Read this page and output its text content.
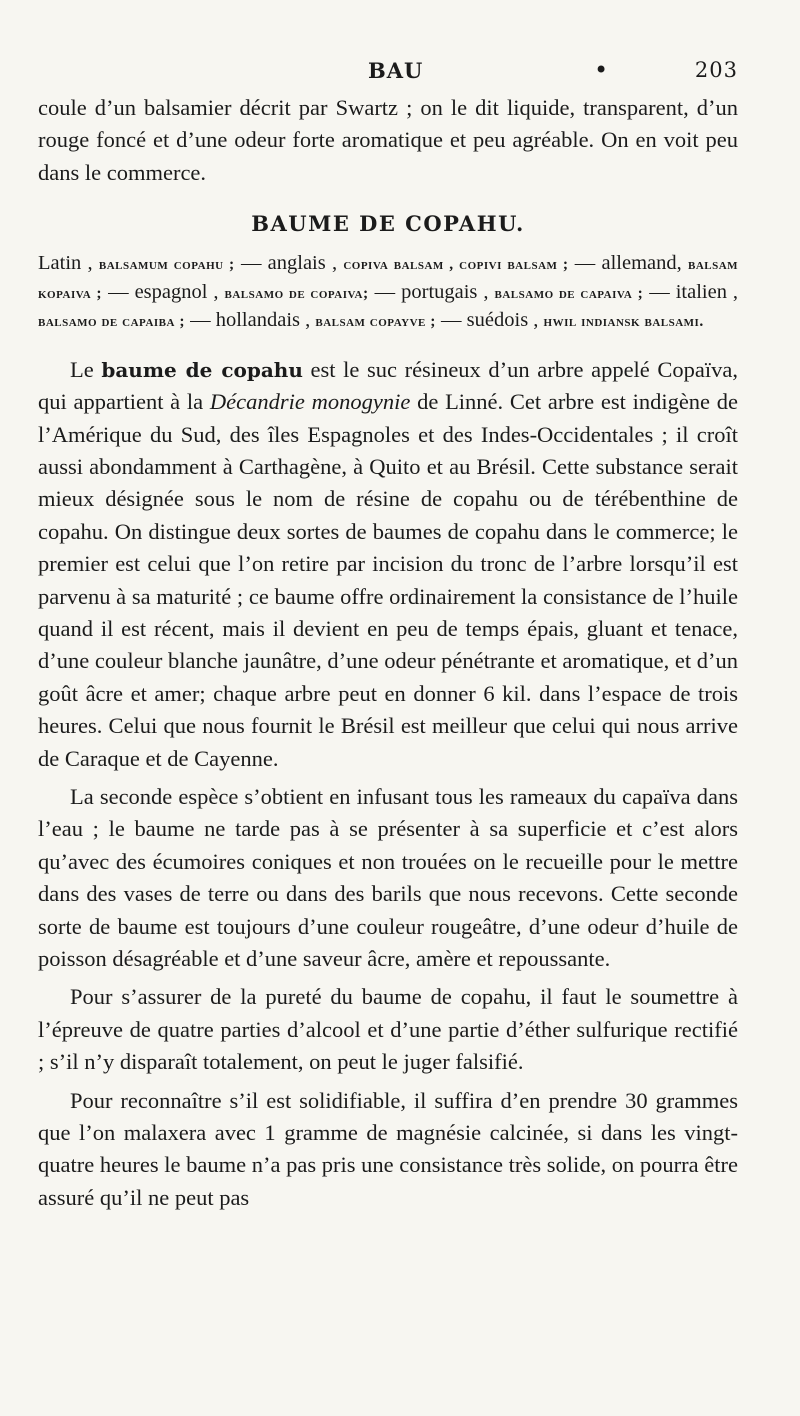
BAU	•	203

coule d’un balsamier décrit par Swartz ; on le dit liquide, transparent, d’un rouge foncé et d’une odeur forte aromatique et peu agréable. On en voit peu dans le commerce.

BAUME DE COPAHU.

Latin , balsamum copahu ; — anglais , copiva balsam , copivi balsam ; — allemand, balsam kopaiva ; — espagnol , balsamo de copaiva; — portugais , balsamo de capaiva ; — italien , balsamo de capaiba ; — hollandais , balsam copayve ; — suédois , hwil indiansk balsami.

Le baume de copahu est le suc résineux d’un arbre appelé Copaïva, qui appartient à la Décandrie monogynie de Linné. Cet arbre est indigène de l’Amérique du Sud, des îles Espagnoles et des Indes-Occidentales ; il croît aussi abondamment à Carthagène, à Quito et au Brésil. Cette substance serait mieux désignée sous le nom de résine de copahu ou de térébenthine de copahu. On distingue deux sortes de baumes de copahu dans le commerce; le premier est celui que l’on retire par incision du tronc de l’arbre lorsqu’il est parvenu à sa maturité ; ce baume offre ordinairement la consistance de l’huile quand il est récent, mais il devient en peu de temps épais, gluant et tenace, d’une couleur blanche jaunâtre, d’une odeur pénétrante et aromatique, et d’un goût âcre et amer; chaque arbre peut en donner 6 kil. dans l’espace de trois heures. Celui que nous fournit le Brésil est meilleur que celui qui nous arrive de Caraque et de Cayenne.

La seconde espèce s’obtient en infusant tous les rameaux du capaïva dans l’eau ; le baume ne tarde pas à se présenter à sa superficie et c’est alors qu’avec des écumoires coniques et non trouées on le recueille pour le mettre dans des vases de terre ou dans des barils que nous recevons. Cette seconde sorte de baume est toujours d’une couleur rougeâtre, d’une odeur d’huile de poisson désagréable et d’une saveur âcre, amère et repoussante.

Pour s’assurer de la pureté du baume de copahu, il faut le soumettre à l’épreuve de quatre parties d’alcool et d’une partie d’éther sulfurique rectifié ; s’il n’y disparaît totalement, on peut le juger falsifié.

Pour reconnaître s’il est solidifiable, il suffira d’en prendre 30 grammes que l’on malaxera avec 1 gramme de magnésie calcinée, si dans les vingt-quatre heures le baume n’a pas pris une consistance très solide, on pourra être assuré qu’il ne peut pas
